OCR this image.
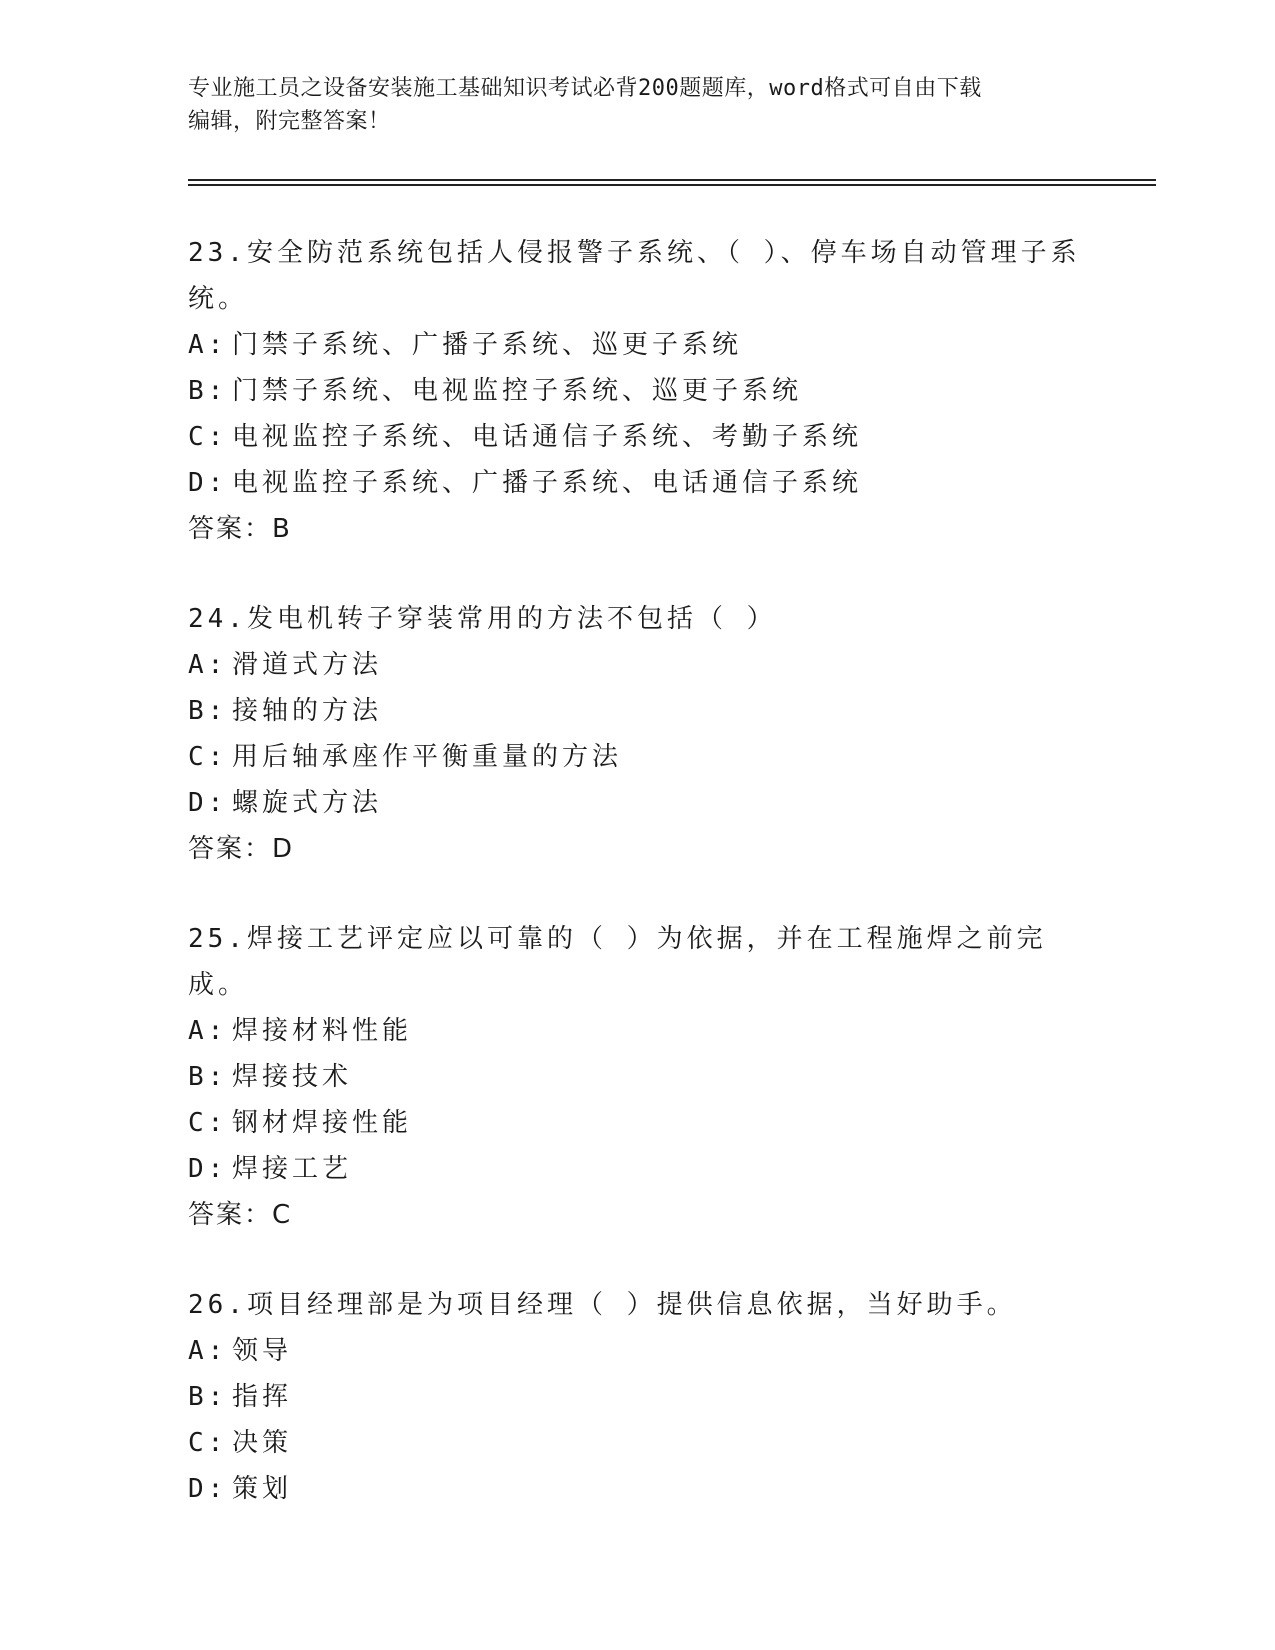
专业施工员之设备安装施工基础知识考试必背200题题库，word格式可自由下载
编辑，附完整答案！

23.安全防范系统包括人侵报警子系统、（ ）、停车场自动管理子系统。

A: 门禁子系统、广播子系统、巡更子系统

B: 门禁子系统、电视监控子系统、巡更子系统

C: 电视监控子系统、电话通信子系统、考勤子系统

D: 电视监控子系统、广播子系统、电话通信子系统

答案：B

24.发电机转子穿装常用的方法不包括（ ）

A: 滑道式方法

B: 接轴的方法

C: 用后轴承座作平衡重量的方法

D: 螺旋式方法

答案：D

25.焊接工艺评定应以可靠的（ ）为依据，并在工程施焊之前完成。

A: 焊接材料性能

B: 焊接技术

C: 钢材焊接性能

D: 焊接工艺

答案：C

26.项目经理部是为项目经理（ ）提供信息依据，当好助手。

A: 领导

B: 指挥

C: 决策

D: 策划
